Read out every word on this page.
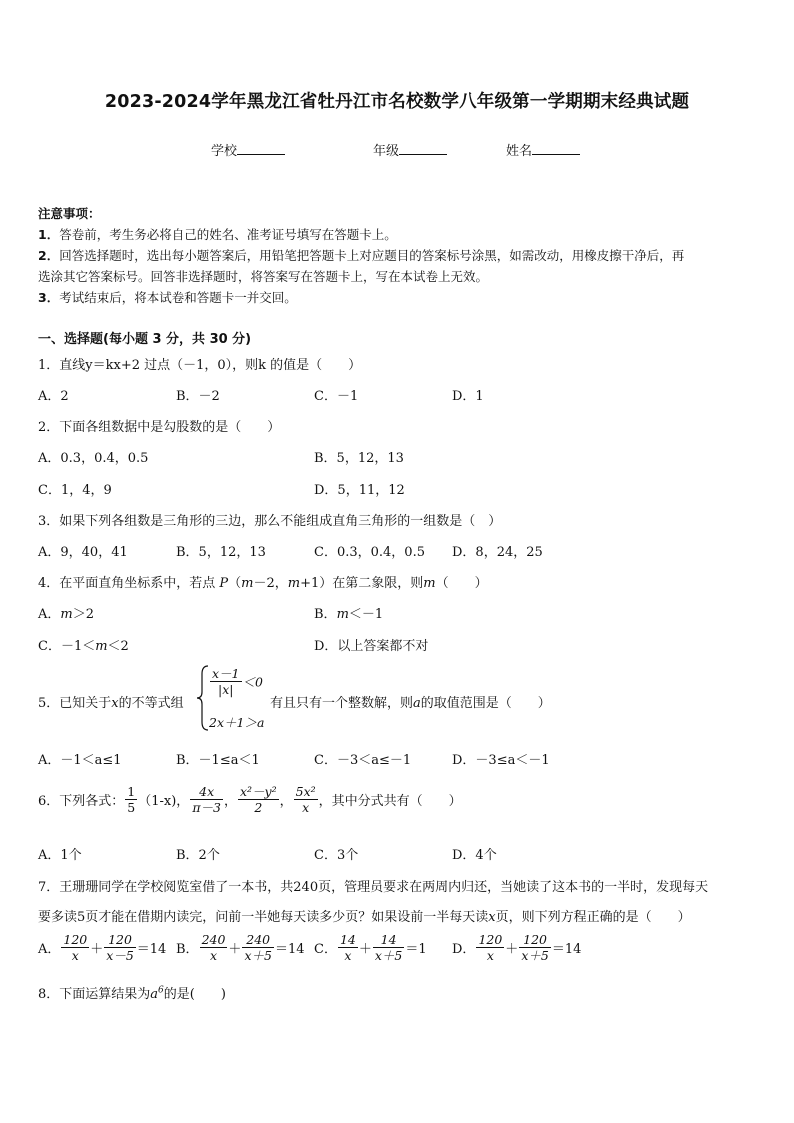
2023-2024学年黑龙江省牡丹江市名校数学八年级第一学期期末经典试题
学校	年级	姓名
注意事项：
1．答卷前，考生务必将自己的姓名、准考证号填写在答题卡上。
2．回答选择题时，选出每小题答案后，用铅笔把答题卡上对应题目的答案标号涂黑，如需改动，用橡皮擦干净后，再
选涂其它答案标号。回答非选择题时，将答案写在答题卡上，写在本试卷上无效。
3．考试结束后，将本试卷和答题卡一并交回。
一、选择题(每小题 3 分，共 30 分)
1．直线y＝kx+2 过点（－1，0），则k 的值是（　　）
A．2	B．－2	C．－1	D．1
2．下面各组数据中是勾股数的是（　　）
A．0.3，0.4，0.5	B．5，12，13
C．1，4，9	D．5，11，12
3．如果下列各组数是三角形的三边，那么不能组成直角三角形的一组数是（　）
A．9，40，41	B．5，12，13	C．0.3，0.4，0.5 D．8，24，25
4．在平面直角坐标系中，若点 P（m－2，m+1）在第二象限，则m（　　）
A．m＞2	B．m＜－1
C．－1＜m＜2	D．以上答案都不对
5．已知关于x的不等式组
$\frac{x-1}{|x|} <0$
2x＋1＞a
有且只有一个整数解，则a的取值范围是（　　）
A．－1＜a≤1	B．－1≤a＜1	C．－3＜a≤－1	D．－3≤a＜－1
6．下列各式： $\frac{1}{5} (1-x)$， $\frac{4x}{\pi-3}$ ， $\frac{\text{x²－y²}}{2}$ ， $\frac{\text{5x²}}{x}$ ，其中分式共有（　　）
A．1个	B．2个	C．3个	D．4个
7．王珊珊同学在学校阅览室借了一本书，共240页，管理员要求在两周内归还，当她读了这本书的一半时，发现每天
要多读5页才能在借期内读完，问前一半她每天读多少页？如果设前一半每天读x页，则下列方程正确的是（　　）
A． $\frac{120}{x} + \frac{120}{x-5} =14$ B． $\frac{240}{x} + \frac{240}{x+5} =14$ C． $\frac{14}{x} + \frac{14}{x+5} =1$ D． $\frac{120}{x} + \frac{120}{x+5} =14$
8．下面运算结果为$a^6$的是(　　)
